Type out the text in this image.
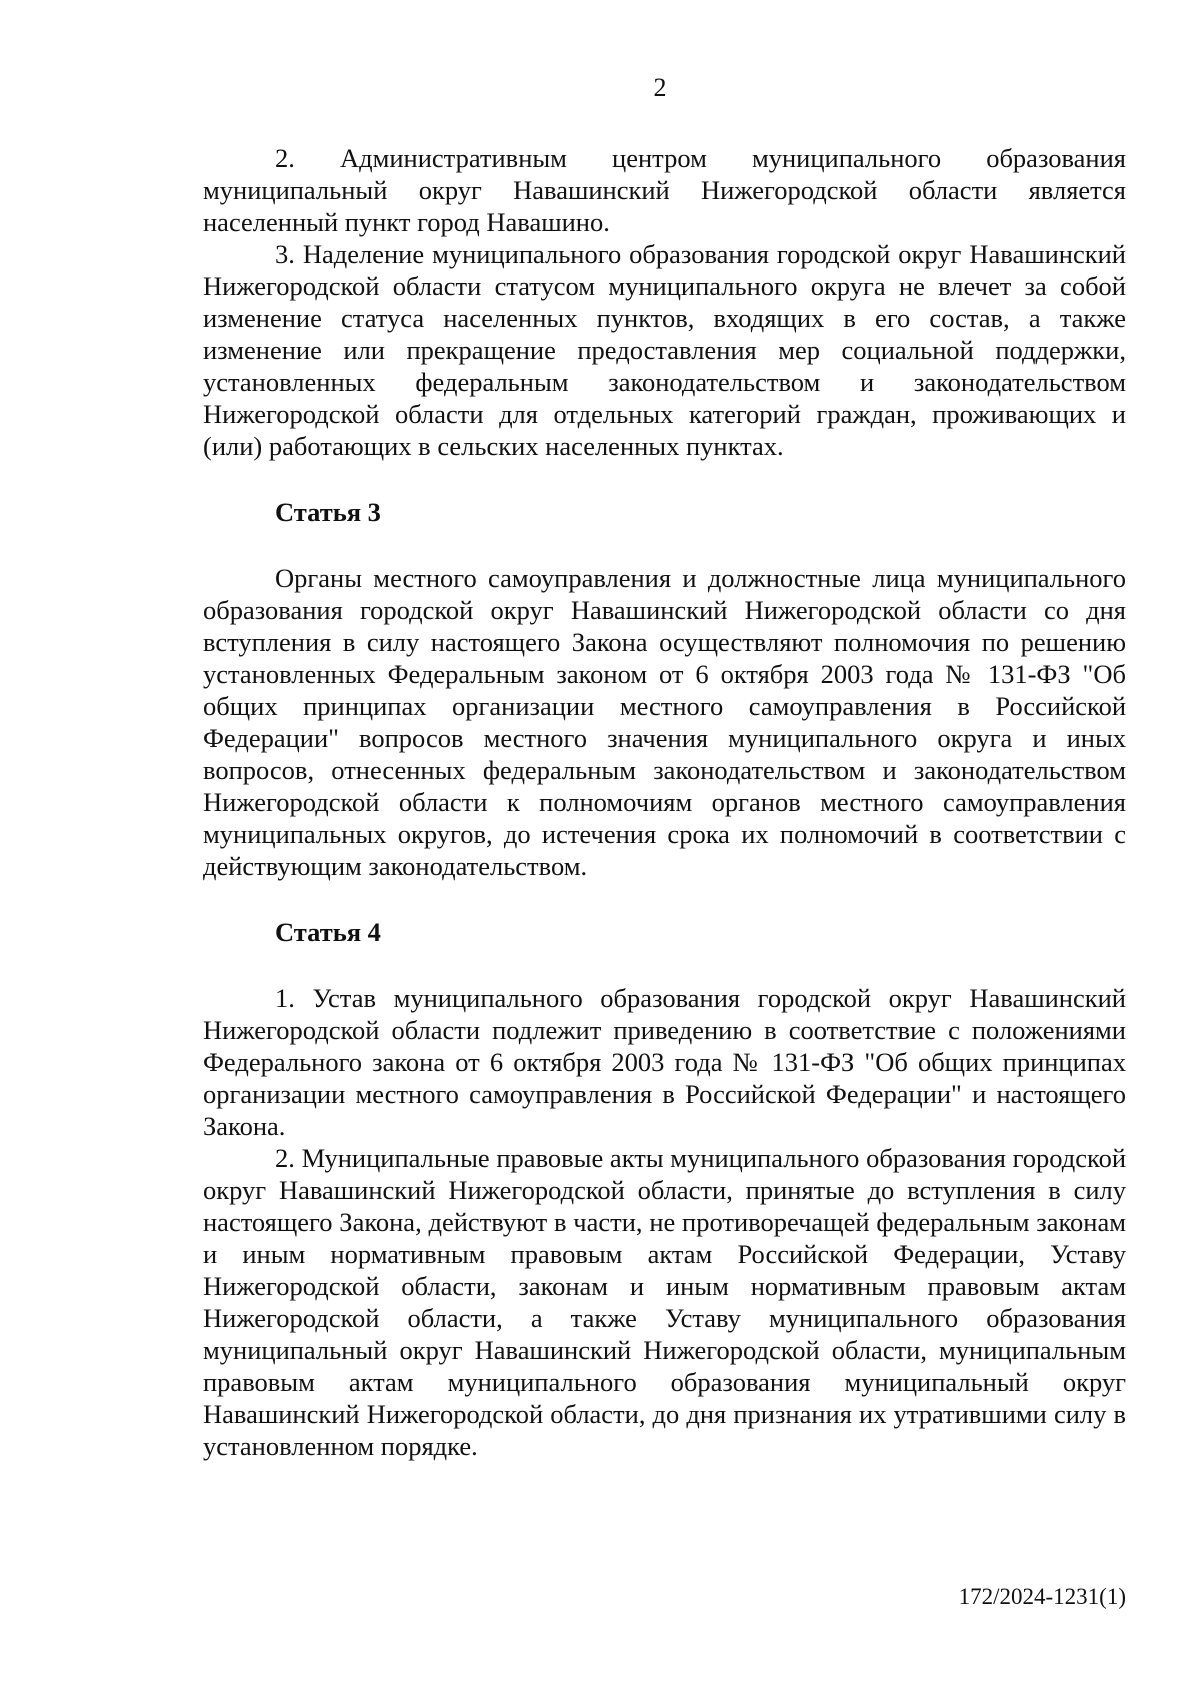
2

2. Административным центром муниципального образования муниципальный округ Навашинский Нижегородской области является населенный пункт город Навашино.

3. Наделение муниципального образования городской округ Навашинский Нижегородской области статусом муниципального округа не влечет за собой изменение статуса населенных пунктов, входящих в его состав, а также изменение или прекращение предоставления мер социальной поддержки, установленных федеральным законодательством и законодательством Нижегородской области для отдельных категорий граждан, проживающих и (или) работающих в сельских населенных пунктах.

Статья 3

Органы местного самоуправления и должностные лица муниципального образования городской округ Навашинский Нижегородской области со дня вступления в силу настоящего Закона осуществляют полномочия по решению установленных Федеральным законом от 6 октября 2003 года № 131-ФЗ "Об общих принципах организации местного самоуправления в Российской Федерации" вопросов местного значения муниципального округа и иных вопросов, отнесенных федеральным законодательством и законодательством Нижегородской области к полномочиям органов местного самоуправления муниципальных округов, до истечения срока их полномочий в соответствии с действующим законодательством.

Статья 4

1. Устав муниципального образования городской округ Навашинский Нижегородской области подлежит приведению в соответствие с положениями Федерального закона от 6 октября 2003 года № 131-ФЗ "Об общих принципах организации местного самоуправления в Российской Федерации" и настоящего Закона.

2. Муниципальные правовые акты муниципального образования городской округ Навашинский Нижегородской области, принятые до вступления в силу настоящего Закона, действуют в части, не противоречащей федеральным законам и иным нормативным правовым актам Российской Федерации, Уставу Нижегородской области, законам и иным нормативным правовым актам Нижегородской области, а также Уставу муниципального образования муниципальный округ Навашинский Нижегородской области, муниципальным правовым актам муниципального образования муниципальный округ Навашинский Нижегородской области, до дня признания их утратившими силу в установленном порядке.

172/2024-1231(1)
